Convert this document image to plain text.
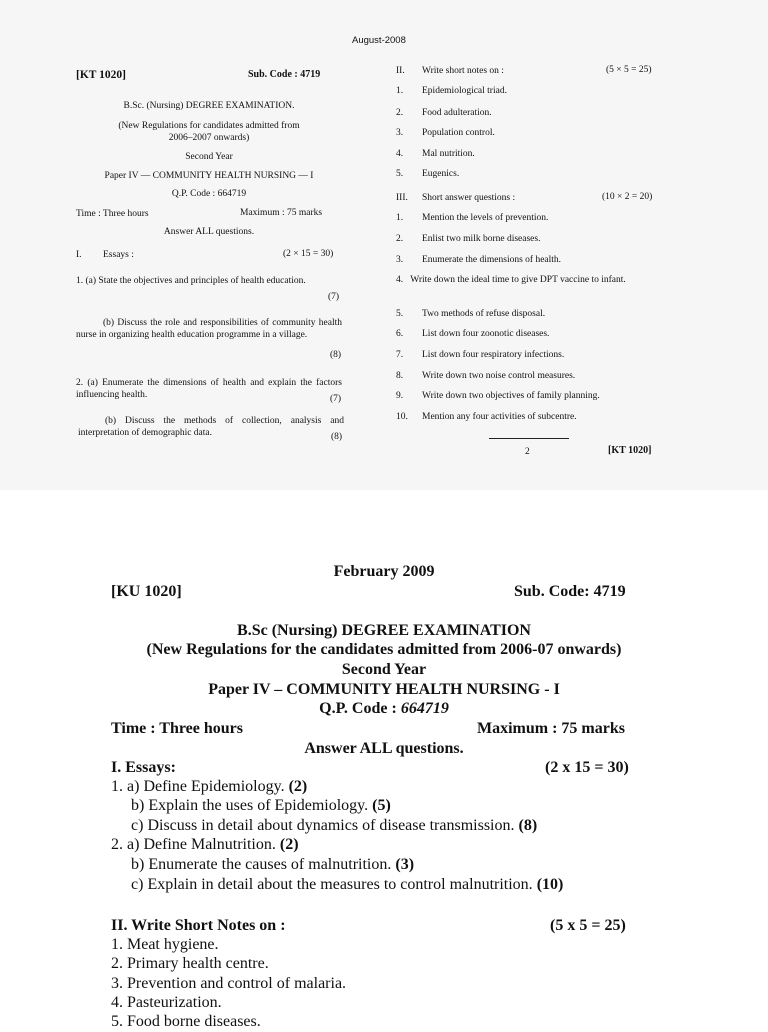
August-2008
[KT 1020]	Sub. Code : 4719
B.Sc. (Nursing) DEGREE EXAMINATION.
(New Regulations for candidates admitted from
2006–2007 onwards)
Second Year
Paper IV — COMMUNITY HEALTH NURSING — I
Q.P. Code : 664719
Time : Three hours	Maximum : 75 marks
Answer ALL questions.
I. Essays :	(2 × 15 = 30)
1. (a) State the objectives and principles of health education.
(7)
(b) Discuss the role and responsibilities of community health nurse in organizing health education programme in a village.
(8)
2. (a) Enumerate the dimensions of health and explain the factors influencing health.	(7)
(b) Discuss the methods of collection, analysis and interpretation of demographic data.	(8)
II. Write short notes on :	(5 × 5 = 25)
1. Epidemiological triad.
2. Food adulteration.
3. Population control.
4. Mal nutrition.
5. Eugenics.
III. Short answer questions :	(10 × 2 = 20)
1. Mention the levels of prevention.
2. Enlist two milk borne diseases.
3. Enumerate the dimensions of health.
4. Write down the ideal time to give DPT vaccine to infant.
5. Two methods of refuse disposal.
6. List down four zoonotic diseases.
7. List down four respiratory infections.
8. Write down two noise control measures.
9. Write down two objectives of family planning.
10. Mention any four activities of subcentre.
2	[KT 1020]
February 2009
[KU 1020]	Sub. Code: 4719
B.Sc (Nursing) DEGREE EXAMINATION
(New Regulations for the candidates admitted from 2006-07 onwards)
Second Year
Paper IV – COMMUNITY HEALTH NURSING - I
Q.P. Code : 664719
Time : Three hours	Maximum : 75 marks
Answer ALL questions.
I. Essays:	(2 x 15 = 30)
1. a) Define Epidemiology. (2)
b) Explain the uses of Epidemiology. (5)
c) Discuss in detail about dynamics of disease transmission. (8)
2. a) Define Malnutrition. (2)
b) Enumerate the causes of malnutrition. (3)
c) Explain in detail about the measures to control malnutrition. (10)
II. Write Short Notes on :	(5 x 5 = 25)
1. Meat hygiene.
2. Primary health centre.
3. Prevention and control of malaria.
4. Pasteurization.
5. Food borne diseases.
